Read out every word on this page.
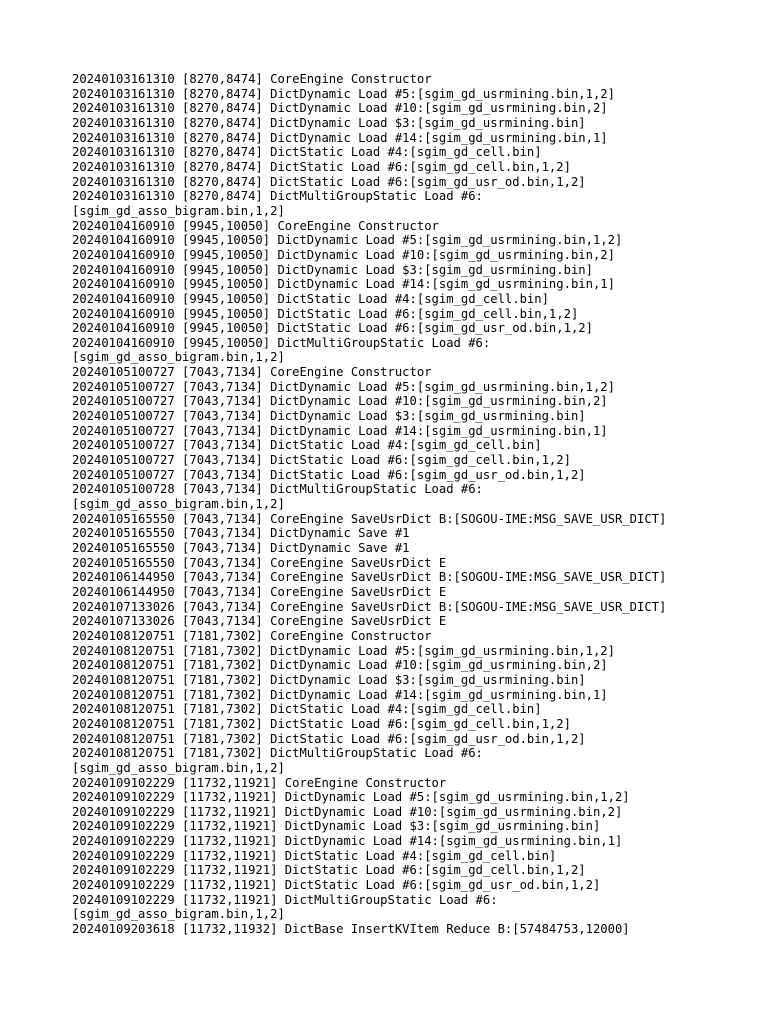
20240103161310 [8270,8474] CoreEngine Constructor
20240103161310 [8270,8474] DictDynamic Load #5:[sgim_gd_usrmining.bin,1,2]
20240103161310 [8270,8474] DictDynamic Load #10:[sgim_gd_usrmining.bin,2]
20240103161310 [8270,8474] DictDynamic Load $3:[sgim_gd_usrmining.bin]
20240103161310 [8270,8474] DictDynamic Load #14:[sgim_gd_usrmining.bin,1]
20240103161310 [8270,8474] DictStatic Load #4:[sgim_gd_cell.bin]
20240103161310 [8270,8474] DictStatic Load #6:[sgim_gd_cell.bin,1,2]
20240103161310 [8270,8474] DictStatic Load #6:[sgim_gd_usr_od.bin,1,2]
20240103161310 [8270,8474] DictMultiGroupStatic Load #6:
[sgim_gd_asso_bigram.bin,1,2]
20240104160910 [9945,10050] CoreEngine Constructor
20240104160910 [9945,10050] DictDynamic Load #5:[sgim_gd_usrmining.bin,1,2]
20240104160910 [9945,10050] DictDynamic Load #10:[sgim_gd_usrmining.bin,2]
20240104160910 [9945,10050] DictDynamic Load $3:[sgim_gd_usrmining.bin]
20240104160910 [9945,10050] DictDynamic Load #14:[sgim_gd_usrmining.bin,1]
20240104160910 [9945,10050] DictStatic Load #4:[sgim_gd_cell.bin]
20240104160910 [9945,10050] DictStatic Load #6:[sgim_gd_cell.bin,1,2]
20240104160910 [9945,10050] DictStatic Load #6:[sgim_gd_usr_od.bin,1,2]
20240104160910 [9945,10050] DictMultiGroupStatic Load #6:
[sgim_gd_asso_bigram.bin,1,2]
20240105100727 [7043,7134] CoreEngine Constructor
20240105100727 [7043,7134] DictDynamic Load #5:[sgim_gd_usrmining.bin,1,2]
20240105100727 [7043,7134] DictDynamic Load #10:[sgim_gd_usrmining.bin,2]
20240105100727 [7043,7134] DictDynamic Load $3:[sgim_gd_usrmining.bin]
20240105100727 [7043,7134] DictDynamic Load #14:[sgim_gd_usrmining.bin,1]
20240105100727 [7043,7134] DictStatic Load #4:[sgim_gd_cell.bin]
20240105100727 [7043,7134] DictStatic Load #6:[sgim_gd_cell.bin,1,2]
20240105100727 [7043,7134] DictStatic Load #6:[sgim_gd_usr_od.bin,1,2]
20240105100728 [7043,7134] DictMultiGroupStatic Load #6:
[sgim_gd_asso_bigram.bin,1,2]
20240105165550 [7043,7134] CoreEngine SaveUsrDict B:[SOGOU-IME:MSG_SAVE_USR_DICT]
20240105165550 [7043,7134] DictDynamic Save #1
20240105165550 [7043,7134] DictDynamic Save #1
20240105165550 [7043,7134] CoreEngine SaveUsrDict E
20240106144950 [7043,7134] CoreEngine SaveUsrDict B:[SOGOU-IME:MSG_SAVE_USR_DICT]
20240106144950 [7043,7134] CoreEngine SaveUsrDict E
20240107133026 [7043,7134] CoreEngine SaveUsrDict B:[SOGOU-IME:MSG_SAVE_USR_DICT]
20240107133026 [7043,7134] CoreEngine SaveUsrDict E
20240108120751 [7181,7302] CoreEngine Constructor
20240108120751 [7181,7302] DictDynamic Load #5:[sgim_gd_usrmining.bin,1,2]
20240108120751 [7181,7302] DictDynamic Load #10:[sgim_gd_usrmining.bin,2]
20240108120751 [7181,7302] DictDynamic Load $3:[sgim_gd_usrmining.bin]
20240108120751 [7181,7302] DictDynamic Load #14:[sgim_gd_usrmining.bin,1]
20240108120751 [7181,7302] DictStatic Load #4:[sgim_gd_cell.bin]
20240108120751 [7181,7302] DictStatic Load #6:[sgim_gd_cell.bin,1,2]
20240108120751 [7181,7302] DictStatic Load #6:[sgim_gd_usr_od.bin,1,2]
20240108120751 [7181,7302] DictMultiGroupStatic Load #6:
[sgim_gd_asso_bigram.bin,1,2]
20240109102229 [11732,11921] CoreEngine Constructor
20240109102229 [11732,11921] DictDynamic Load #5:[sgim_gd_usrmining.bin,1,2]
20240109102229 [11732,11921] DictDynamic Load #10:[sgim_gd_usrmining.bin,2]
20240109102229 [11732,11921] DictDynamic Load $3:[sgim_gd_usrmining.bin]
20240109102229 [11732,11921] DictDynamic Load #14:[sgim_gd_usrmining.bin,1]
20240109102229 [11732,11921] DictStatic Load #4:[sgim_gd_cell.bin]
20240109102229 [11732,11921] DictStatic Load #6:[sgim_gd_cell.bin,1,2]
20240109102229 [11732,11921] DictStatic Load #6:[sgim_gd_usr_od.bin,1,2]
20240109102229 [11732,11921] DictMultiGroupStatic Load #6:
[sgim_gd_asso_bigram.bin,1,2]
20240109203618 [11732,11932] DictBase InsertKVItem Reduce B:[57484753,12000]
